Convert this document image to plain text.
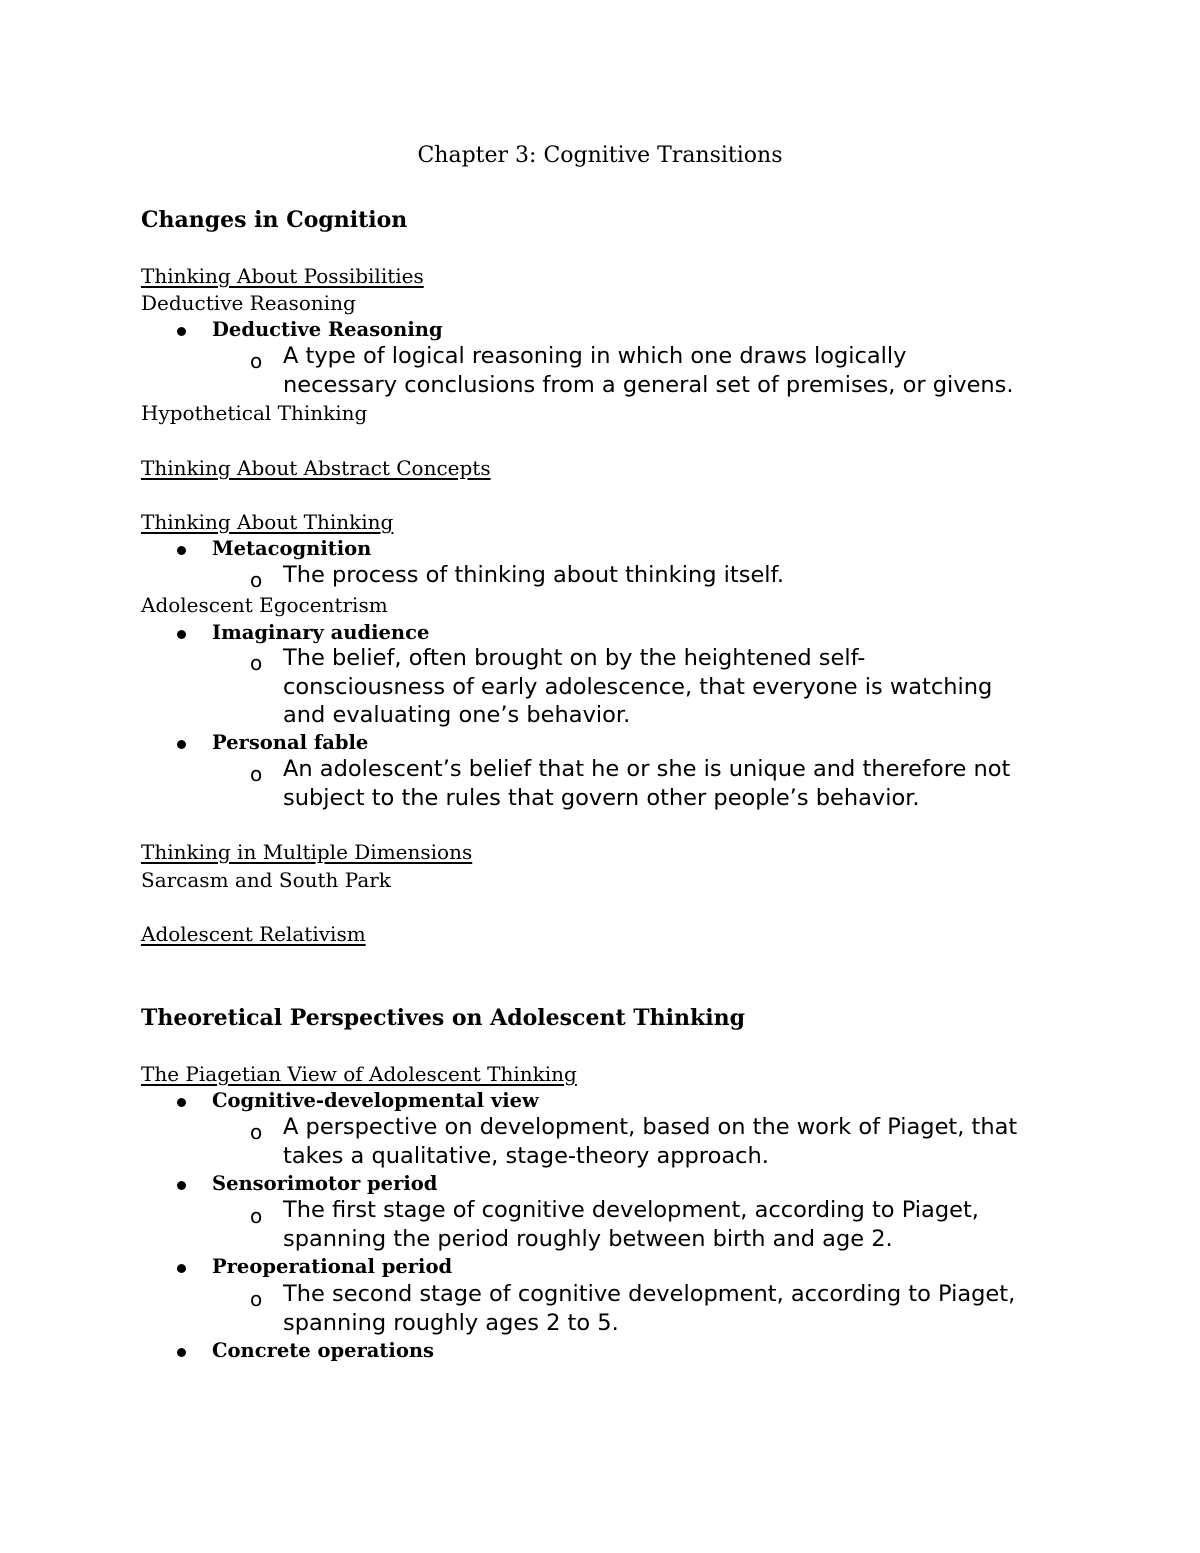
Chapter 3: Cognitive Transitions
Changes in Cognition
Thinking About Possibilities
Deductive Reasoning
Deductive Reasoning
o A type of logical reasoning in which one draws logically
necessary conclusions from a general set of premises, or givens.
Hypothetical Thinking
Thinking About Abstract Concepts
Thinking About Thinking
Metacognition
o The process of thinking about thinking itself.
Adolescent Egocentrism
Imaginary audience
o The belief, often brought on by the heightened self-
consciousness of early adolescence, that everyone is watching
and evaluating one’s behavior.
Personal fable
o An adolescent’s belief that he or she is unique and therefore not
subject to the rules that govern other people’s behavior.
Thinking in Multiple Dimensions
Sarcasm and South Park
Adolescent Relativism
Theoretical Perspectives on Adolescent Thinking
The Piagetian View of Adolescent Thinking
Cognitive-developmental view
o A perspective on development, based on the work of Piaget, that
takes a qualitative, stage-theory approach.
Sensorimotor period
o The first stage of cognitive development, according to Piaget,
spanning the period roughly between birth and age 2.
Preoperational period
o The second stage of cognitive development, according to Piaget,
spanning roughly ages 2 to 5.
Concrete operations
